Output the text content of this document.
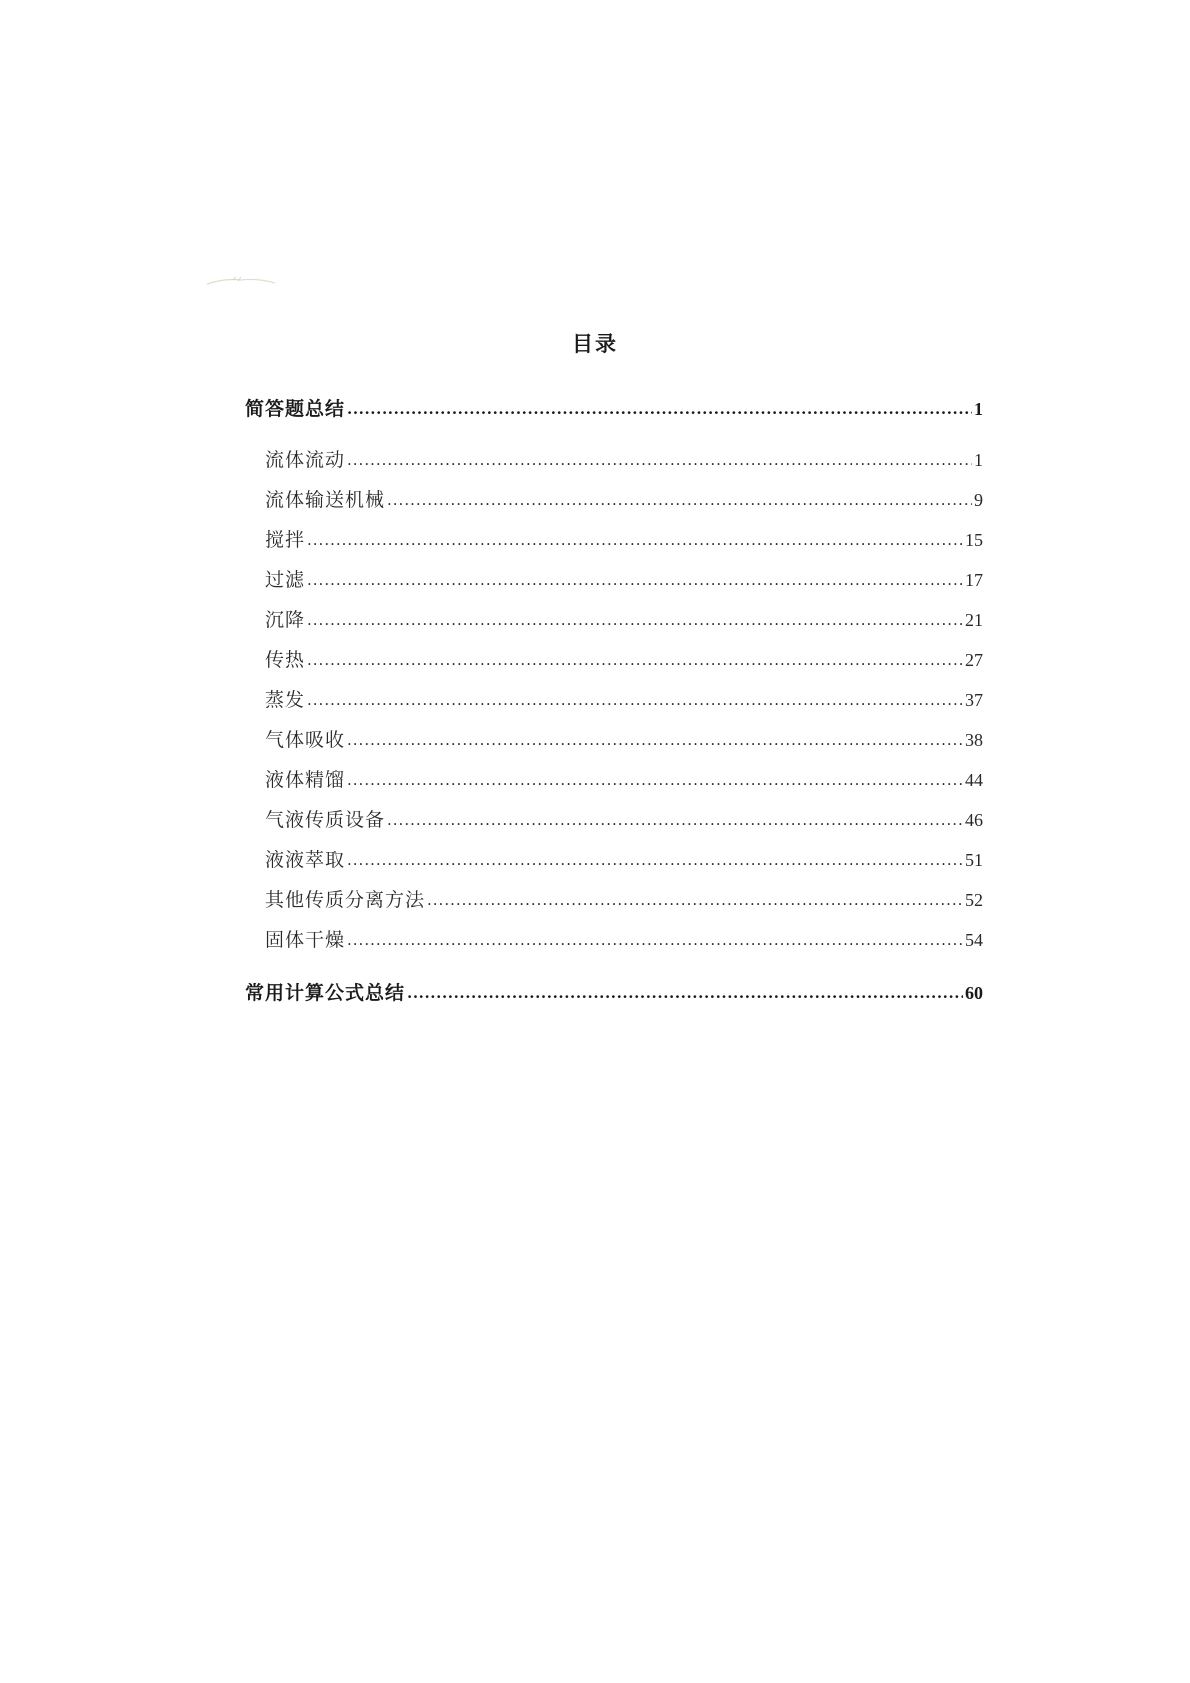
目录
简答题总结 .....	1
流体流动 .....	1
流体输送机械 .....	9
搅拌 .....	15
过滤 .....	17
沉降 .....	21
传热 .....	27
蒸发 .....	37
气体吸收 .....	38
液体精馏 .....	44
气液传质设备 .....	46
液液萃取 .....	51
其他传质分离方法 .....	52
固体干燥 .....	54
常用计算公式总结 .....	60
